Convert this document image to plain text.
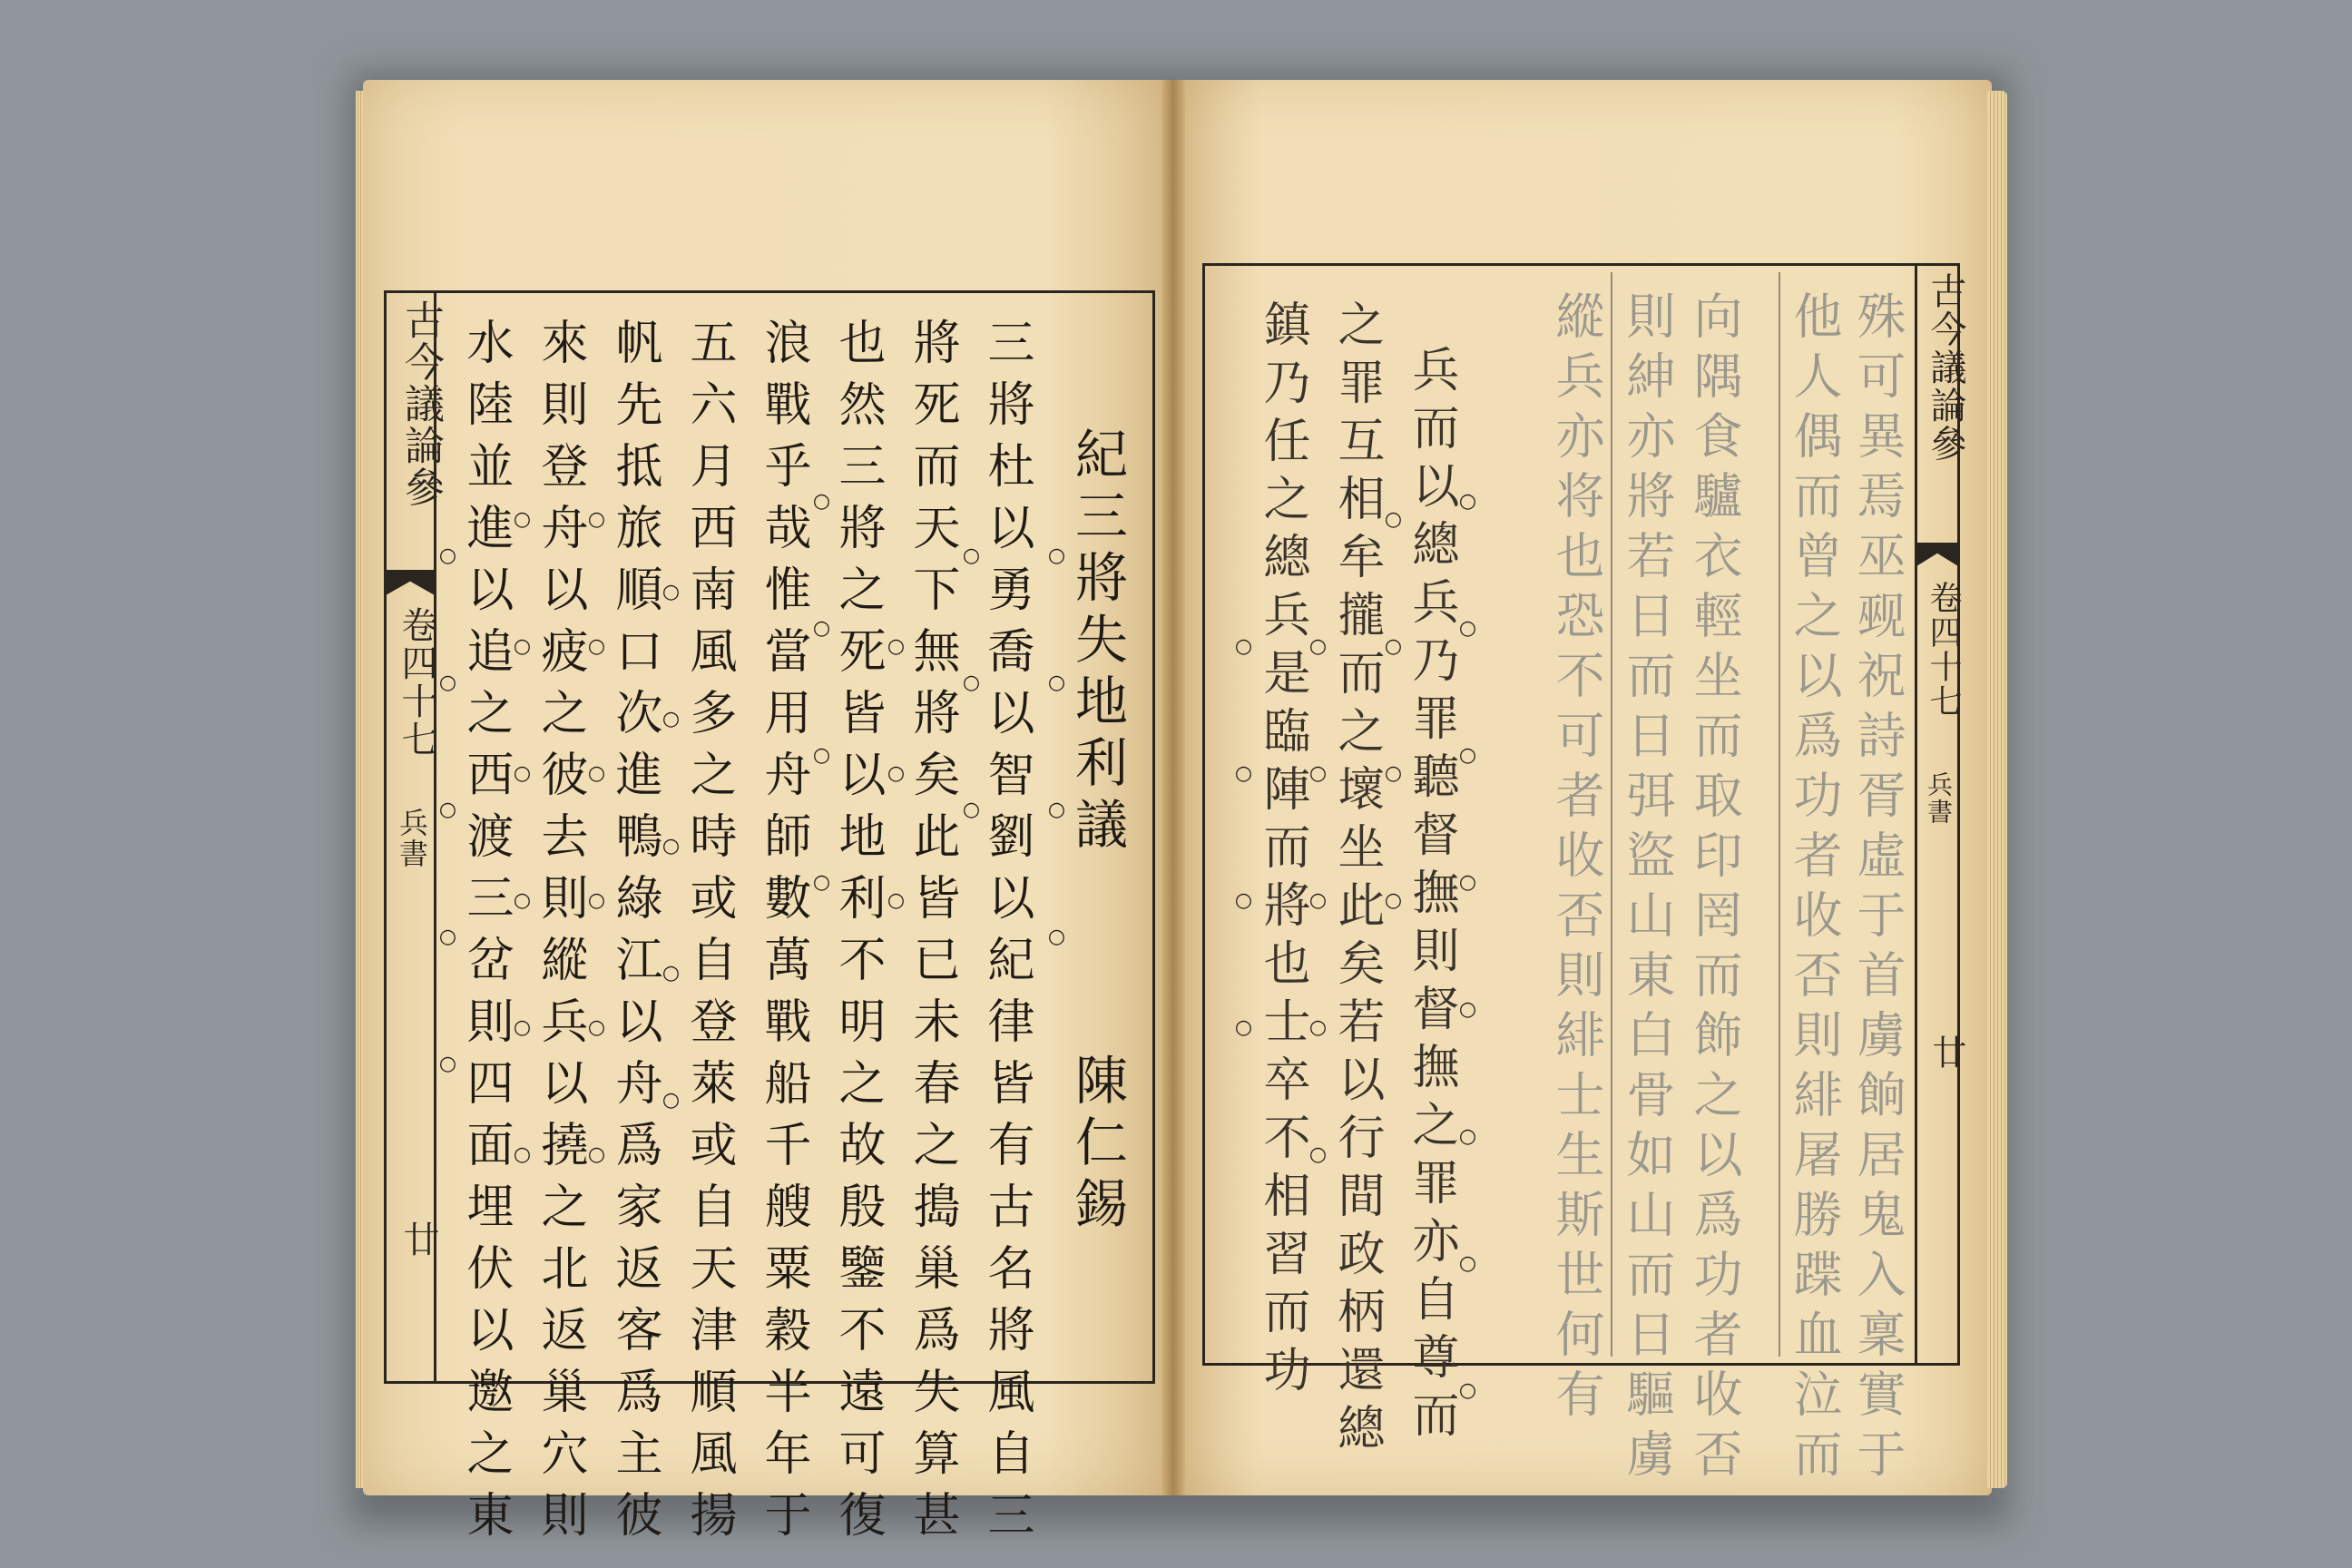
古今議論參
卷四十七
兵書
廿
紀三將失地利議
陳仁錫
三將杜以勇喬以智劉以紀律皆有古名將風自三
將死而天下無將矣此皆已未春之搗巢爲失算甚
也然三將之死皆以地利不明之故殷鑒不遠可復
浪戰乎哉惟當用舟師數萬戰船千艘粟穀半年于
五六月西南風多之時或自登萊或自天津順風揚
帆先抵旅順口次進鴨綠江以舟爲家返客爲主彼
來則登舟以疲之彼去則縱兵以撓之北返巢穴則
水陸並進以追之西渡三岔則四面埋伏以邀之東	○ ○ ○ ○
○ ○ ○
○ ○ ○
○ ○ ○ ○
○ ○ ○ ○ ○
○ ○ ○ ○ ○ ○
○ ○ ○ ○ ○ ○
○ ○ ○ ○ ○
古今議論參
卷四十七
兵書
廿
殊可異焉巫觋祝詩胥虛于首虜餉居鬼入稟實于
他人偶而曾之以爲功者收否則緋屠勝蹀血泣而
向隅食驢衣輕坐而取印罔而飾之以爲功者收否
則紳亦將若日而日弭盜山東白骨如山而日驅虜
縱兵亦将也恐不可者收否則緋士生斯世何有
兵而以總兵乃罪聽督撫則督撫之罪亦自尊而
之罪互相牟攏而之壞坐此矣若以行間政柄還總
鎮乃任之總兵是臨陣而將也士卒不相習而功	○ ○ ○ ○ ○ ○ ○ ○
○ ○ ○ ○
○ ○ ○ ○ ○
○ ○ ○ ○
